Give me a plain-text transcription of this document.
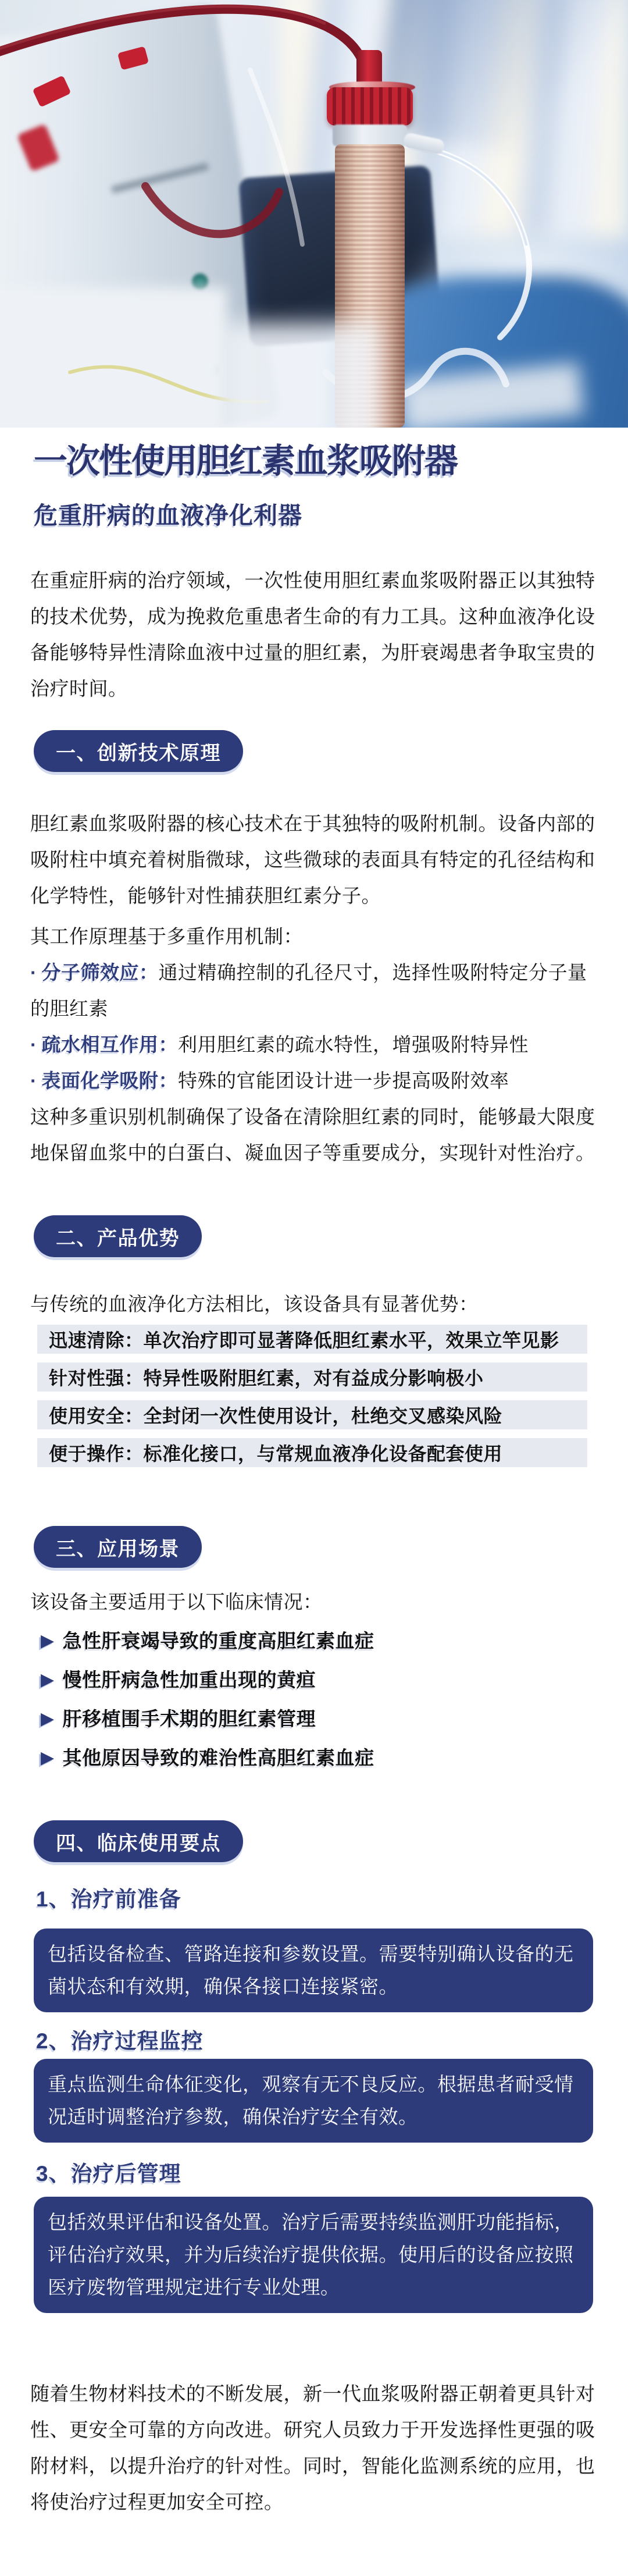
一次性使用胆红素血浆吸附器
危重肝病的血液净化利器

在重症肝病的治疗领域，一次性使用胆红素血浆吸附器正以其独特的技术优势，成为挽救危重患者生命的有力工具。这种血液净化设备能够特异性清除血液中过量的胆红素，为肝衰竭患者争取宝贵的治疗时间。

一、创新技术原理

胆红素血浆吸附器的核心技术在于其独特的吸附机制。设备内部的吸附柱中填充着树脂微球，这些微球的表面具有特定的孔径结构和化学特性，能够针对性捕获胆红素分子。

其工作原理基于多重作用机制：

· 分子筛效应：通过精确控制的孔径尺寸，选择性吸附特定分子量的胆红素

· 疏水相互作用：利用胆红素的疏水特性，增强吸附特异性

· 表面化学吸附：特殊的官能团设计进一步提高吸附效率

这种多重识别机制确保了设备在清除胆红素的同时，能够最大限度地保留血浆中的白蛋白、凝血因子等重要成分，实现针对性治疗。

二、产品优势

与传统的血液净化方法相比，该设备具有显著优势：

迅速清除：单次治疗即可显著降低胆红素水平，效果立竿见影
针对性强：特异性吸附胆红素，对有益成分影响极小
使用安全：全封闭一次性使用设计，杜绝交叉感染风险
便于操作：标准化接口，与常规血液净化设备配套使用
三、应用场景

该设备主要适用于以下临床情况：

▶ 急性肝衰竭导致的重度高胆红素血症

▶ 慢性肝病急性加重出现的黄疸

▶ 肝移植围手术期的胆红素管理

▶ 其他原因导致的难治性高胆红素血症

四、临床使用要点
1、治疗前准备
包括设备检查、管路连接和参数设置。需要特别确认设备的无菌状态和有效期，确保各接口连接紧密。
2、治疗过程监控
重点监测生命体征变化，观察有无不良反应。根据患者耐受情况适时调整治疗参数，确保治疗安全有效。
3、治疗后管理
包括效果评估和设备处置。治疗后需要持续监测肝功能指标，评估治疗效果，并为后续治疗提供依据。使用后的设备应按照医疗废物管理规定进行专业处理。

随着生物材料技术的不断发展，新一代血浆吸附器正朝着更具针对性、更安全可靠的方向改进。研究人员致力于开发选择性更强的吸附材料，以提升治疗的针对性。同时，智能化监测系统的应用，也将使治疗过程更加安全可控。
